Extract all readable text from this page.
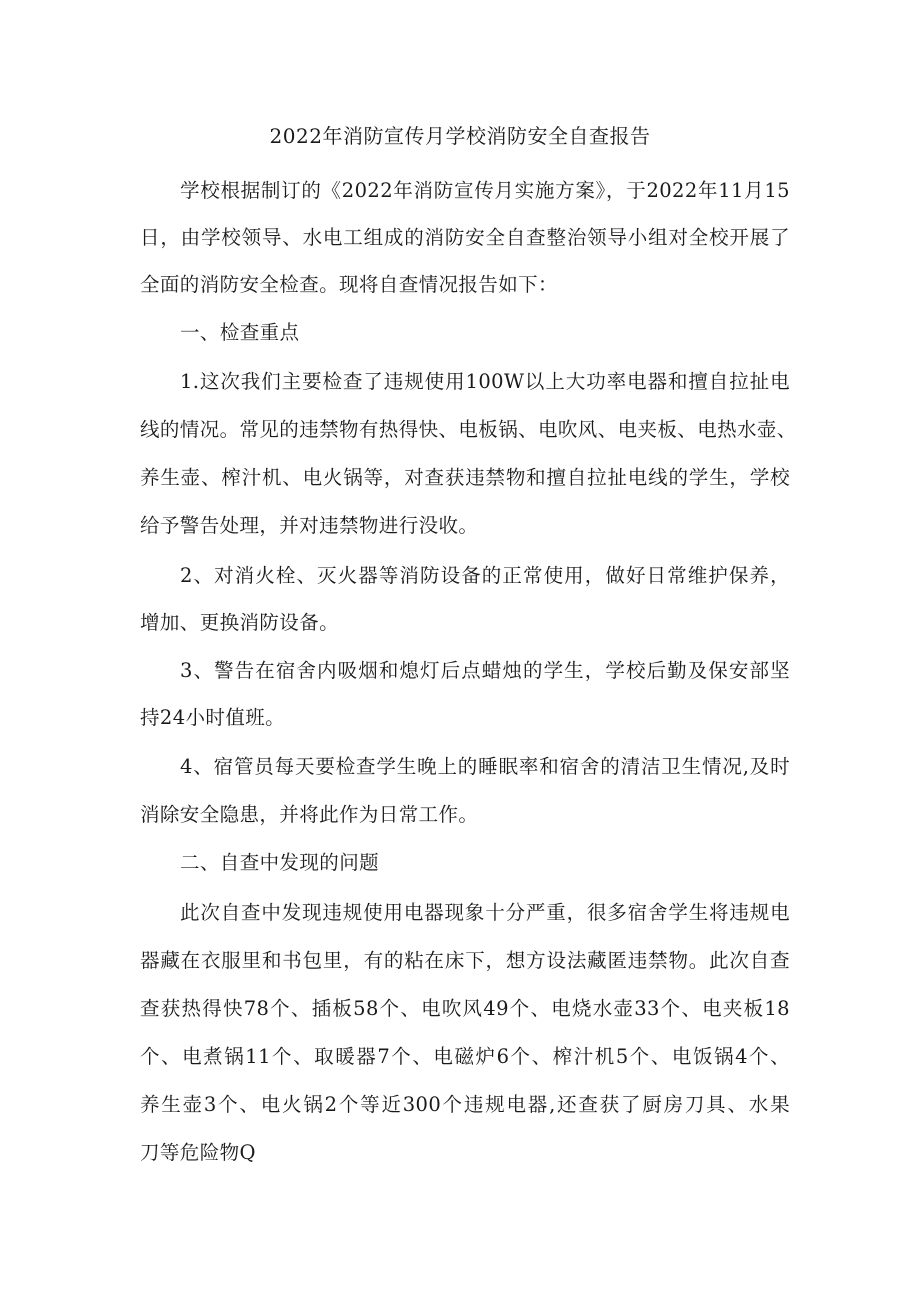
2022年消防宣传月学校消防安全自查报告

学校根据制订的《2022年消防宣传月实施方案》，于2022年11月15

日，由学校领导、水电工组成的消防安全自查整治领导小组对全校开展了

全面的消防安全检查。现将自查情况报告如下：

一、检查重点

1.这次我们主要检查了违规使用100W以上大功率电器和擅自拉扯电

线的情况。常见的违禁物有热得快、电板锅、电吹风、电夹板、电热水壶、

养生壶、榨汁机、电火锅等，对查获违禁物和擅自拉扯电线的学生，学校

给予警告处理，并对违禁物进行没收。

2、对消火栓、灭火器等消防设备的正常使用，做好日常维护保养，

增加、更换消防设备。

3、警告在宿舍内吸烟和熄灯后点蜡烛的学生，学校后勤及保安部坚

持24小时值班。

4、宿管员每天要检查学生晚上的睡眠率和宿舍的清洁卫生情况,及时

消除安全隐患，并将此作为日常工作。

二、自查中发现的问题

此次自查中发现违规使用电器现象十分严重，很多宿舍学生将违规电

器藏在衣服里和书包里，有的粘在床下，想方设法藏匿违禁物。此次自查

查获热得快78个、插板58个、电吹风49个、电烧水壶33个、电夹板18

个、电煮锅11个、取暖器7个、电磁炉6个、榨汁机5个、电饭锅4个、

养生壶3个、电火锅2个等近300个违规电器,还查获了厨房刀具、水果

刀等危险物Q
